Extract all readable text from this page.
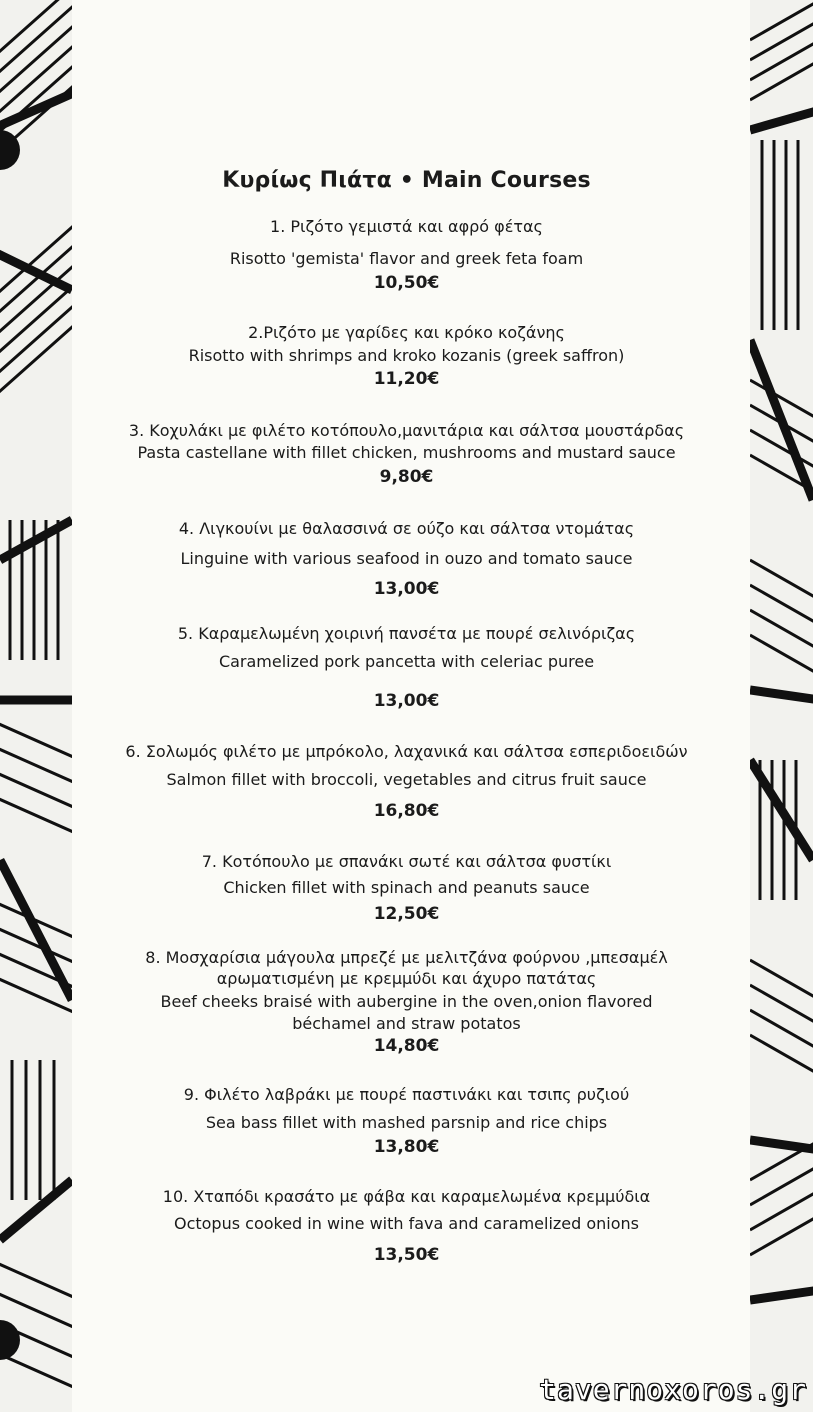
Κυρίως Πιάτα • Main Courses
1. Ριζότο γεμιστά και αφρό φέτας
Risotto 'gemista' flavor and greek feta foam
10,50€
2.Ριζότο με γαρίδες και κρόκο κοζάνης
Risotto with shrimps and kroko kozanis (greek saffron)
11,20€
3. Κοχυλάκι με φιλέτο κοτόπουλο,μανιτάρια και σάλτσα μουστάρδας
Pasta castellane with fillet chicken, mushrooms and mustard sauce
9,80€
4. Λιγκουίνι με θαλασσινά σε ούζο και σάλτσα ντομάτας
Linguine with various seafood in ouzo and tomato sauce
13,00€
5. Καραμελωμένη χοιρινή πανσέτα με πουρέ σελινόριζας
Caramelized pork pancetta with celeriac puree
13,00€
6. Σολωμός φιλέτο με μπρόκολο, λαχανικά και σάλτσα εσπεριδοειδών
Salmon fillet with broccoli, vegetables and citrus fruit sauce
16,80€
7. Κοτόπουλο με σπανάκι σωτέ και σάλτσα φυστίκι
Chicken fillet with spinach and peanuts sauce
12,50€
8. Μοσχαρίσια μάγουλα μπρεζέ με μελιτζάνα φούρνου ,μπεσαμέλ
αρωματισμένη με κρεμμύδι και άχυρο πατάτας
Beef cheeks braisé with aubergine in the oven,onion flavored
béchamel and straw potatos
14,80€
9. Φιλέτο λαβράκι με πουρέ παστινάκι και τσιπς ρυζιού
Sea bass fillet with mashed parsnip and rice chips
13,80€
10. Χταπόδι κρασάτο με φάβα και καραμελωμένα κρεμμύδια
Octopus cooked in wine with fava and caramelized onions
13,50€
tavernoxoros.gr
